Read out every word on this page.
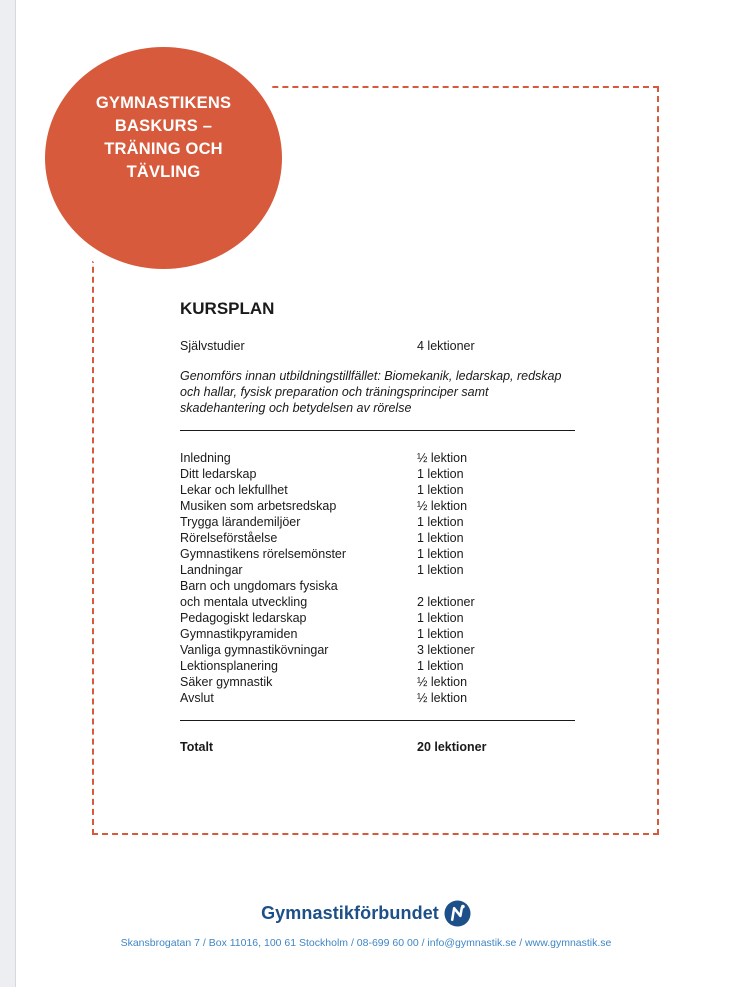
GYMNASTIKENS BASKURS – TRÄNING OCH TÄVLING
KURSPLAN
Självstudier	4 lektioner
Genomförs innan utbildningstillfället: Biomekanik, ledarskap, redskap och hallar, fysisk preparation och träningsprinciper samt skadehantering och betydelsen av rörelse
Inledning	½ lektion
Ditt ledarskap	1 lektion
Lekar och lekfullhet	1 lektion
Musiken som arbetsredskap	½ lektion
Trygga lärandemiljöer	1 lektion
Rörelseförståelse	1 lektion
Gymnastikens rörelsemönster	1 lektion
Landningar	1 lektion
Barn och ungdomars fysiska
och mentala utveckling	2 lektioner
Pedagogiskt ledarskap	1 lektion
Gymnastikpyramiden	1 lektion
Vanliga gymnastikövningar	3 lektioner
Lektionsplanering	1 lektion
Säker gymnastik	½ lektion
Avslut	½ lektion
Totalt	20 lektioner
Gymnastikförbundet
Skansbrogatan 7 / Box 11016, 100 61 Stockholm / 08-699 60 00 / info@gymnastik.se / www.gymnastik.se
